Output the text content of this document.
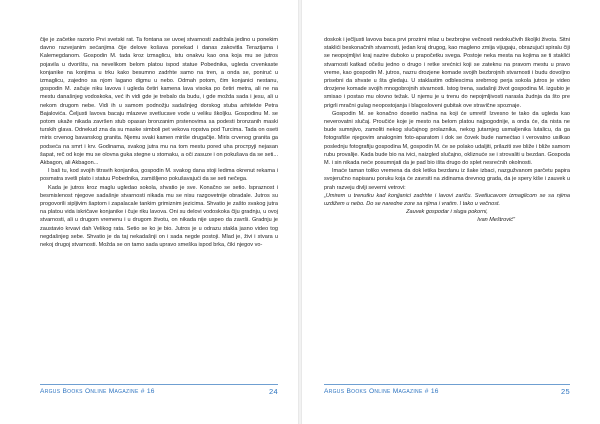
čije je začetke razorio Prvi svetski rat. Ta fontana se uvoej stvarnosti zadržala jedino u ponekim davno razvejanim sećanjima čije delove košava ponekad i danas zakovitla Terazijama i Kalemegdanom. Gospodin M. tada kroz izmaglicu, istu onakvu kao ona koja mu se jutros pojavila u dvorištu, na nevelikom belom platou ispod statue Pobednika, ugleda crvenkaste konjanike na konjima u trku kako besumno zadrhte samo na tren, a onda se, poniruć u izmaglicu, zajedno sa njom lagano digmu u nebo. Odmah potom, čim konjanici nestanu, gospodin M. začuje niku lavova i ugleda četiri kamena lava visoka po četiri metra, ali ne na mestu današnjeg vodoskoka, već ih vidi gde je trebalo da budu, i gde možda sada i jesu, ali u nekom drugom nebe. Vidi ih u samom podnožju sadašnjeg dorskog stuba arhitekte Petra Bajalovića. Čeljusti lavova bacaju mlazeve svetlucave vode u veliku školjku. Gospodinu M. se potom ukaže nikada završen stub opasan bronzanim prstenovima sa podesti bronzanih maski turskih glava. Odnekud zna da su maske simboli pet vekova ropstva pod Turcima. Tada on oseti miris crvenog bavanskog granita. Njemu svaki kamen mirišе drugačije. Miris crvenog granita ga podseća na smrt i krv. Godinama, svakog jutra mu na tom mestu pored uha proструji nejasan šapat, reč od koje mu se olovna guka stegne u stomaku, a oči zasuze i on pokušava da se seti... Akbagon, ali Akbagon...

I baš tu, kod svojih titravih konjanika, gospodin M. svakog dana stoji ledima okrenut rekama i posmatra svetli plato i statuu Pobednika, zamišljeno pokušavajući da se seti nečega.

Kada je jutros kroz maglu ugledao sokola, shvatio je sve. Konačno se setio. Ispraznost i besmislenost njegove sadašnje stvarnosti nikada mu se nisu razgovetnije obradale. Jutros su progovorili sipljivim šaptom i zapalacale tankim grimiznim jezicima. Shvatio je zašto svakog jutra na platou vida iskričave konjanike i čuje riku lavova. Oni su delovi vodoskoka čiju gradnju, u ovoj stvarnosti, ali u drugom vremenu i u drugom životu, on nikada nije uspeo da završi. Gradnju je zaustavio krvavi dah Velikog rata. Setio se ko je bio. Jutros je u odrazu stakla jasno video tog negdašnjeg sebe. Shvatio je da taj nekadašnji on i sada negde postoji. Mlad je, živi i stvara u nekoj drugoj stvarnosti. Možda se on tamo sada upravo smeška ispod brka, čiki njegov vo-

Argus Books Online Magazine # 16	24

doskok i ječljusti lavova baca prvi prozirni mlaz u bezbrojne večnosti nedokučivih školjki života. Sitni staklići beskonačnih stvarnosti, jedan kraj drugog, kao magleno zmija vijugaju, obrazujući spiralu čiji se neopojmljivi kraj nazire duboko u prapočetku svega. Postoje neka mesta na kojima se ti staklići stvarnosti katkad očešu jedno o drugo i retke srećnici koji se zateknu na pravom mestu u pravo vreme, kao gospodin M. jutros, nazru drozjene komade svojih bezbrojnih stvarnosti i budu dovoljno prisebni da shvate u šta gledaju. U staklastim odblescima srebrnog perja sokola jutros je video drozjene komade svojih mnogobrojnih stvarnosti. Istog trena, sadašnji život gospodina M. izgubio je smisao i postao mu olovno težak. U njemu je u trenu do nepojmljivosti narasla žudnja da što pre prigrli mračni gulag neopostojanja i blagoslovеni gubitak ove stravične spoznaje.

Gospodin M. se konačno dosetio načina na koji će umreti! Izvesno te tako da ugleda kao neverovatni slučaj. Proučiće koje je mesto na belom platou najpogodnije, a onda će, da nista ne bude sumnjivo, zamoliti nekog slučajnog prolaznika, nekog jutarnjeg usmaljenika lutalicu, da ga fotografiše njegovim analognim foto-aparatom i dok se čovek bude namećtao i verovatno usilkao poslednju fotografiju gospodina M, gospodin M. će se polako udaljiti, prilaziti sve bliže i bliže samom rubu provalije. Kada bude bio na ivici, naizgled slučajno, okliznuće se i strovaliti u bezdan. Gospodа M. i sin nikada neće posumnjati da je pad bio išta drugo do splet nesrećnih okolnosti.

Imaće taman toliko vremena da dok letika bezdanu iz šake izbaci, nazgužvanom parčetu papira svojeručno napisanu poruku koja će zavrsiti na zidinama drevnog grada, da je sperу kiše i zauvek u prah razveju divlji severni vetrovi:

„Umirem u trenutku kad konjjanici zadrhte i lavovi zariču. Svetlucavom izmaglicom se sa njima uzdižem u nebo. Do se naredne zore sa njima i vratim. I tako u večnost.

Zauvek gospodar i sluga pokorni,

Ivan Meštrović"

Argus Books Online Magazine # 16	25
